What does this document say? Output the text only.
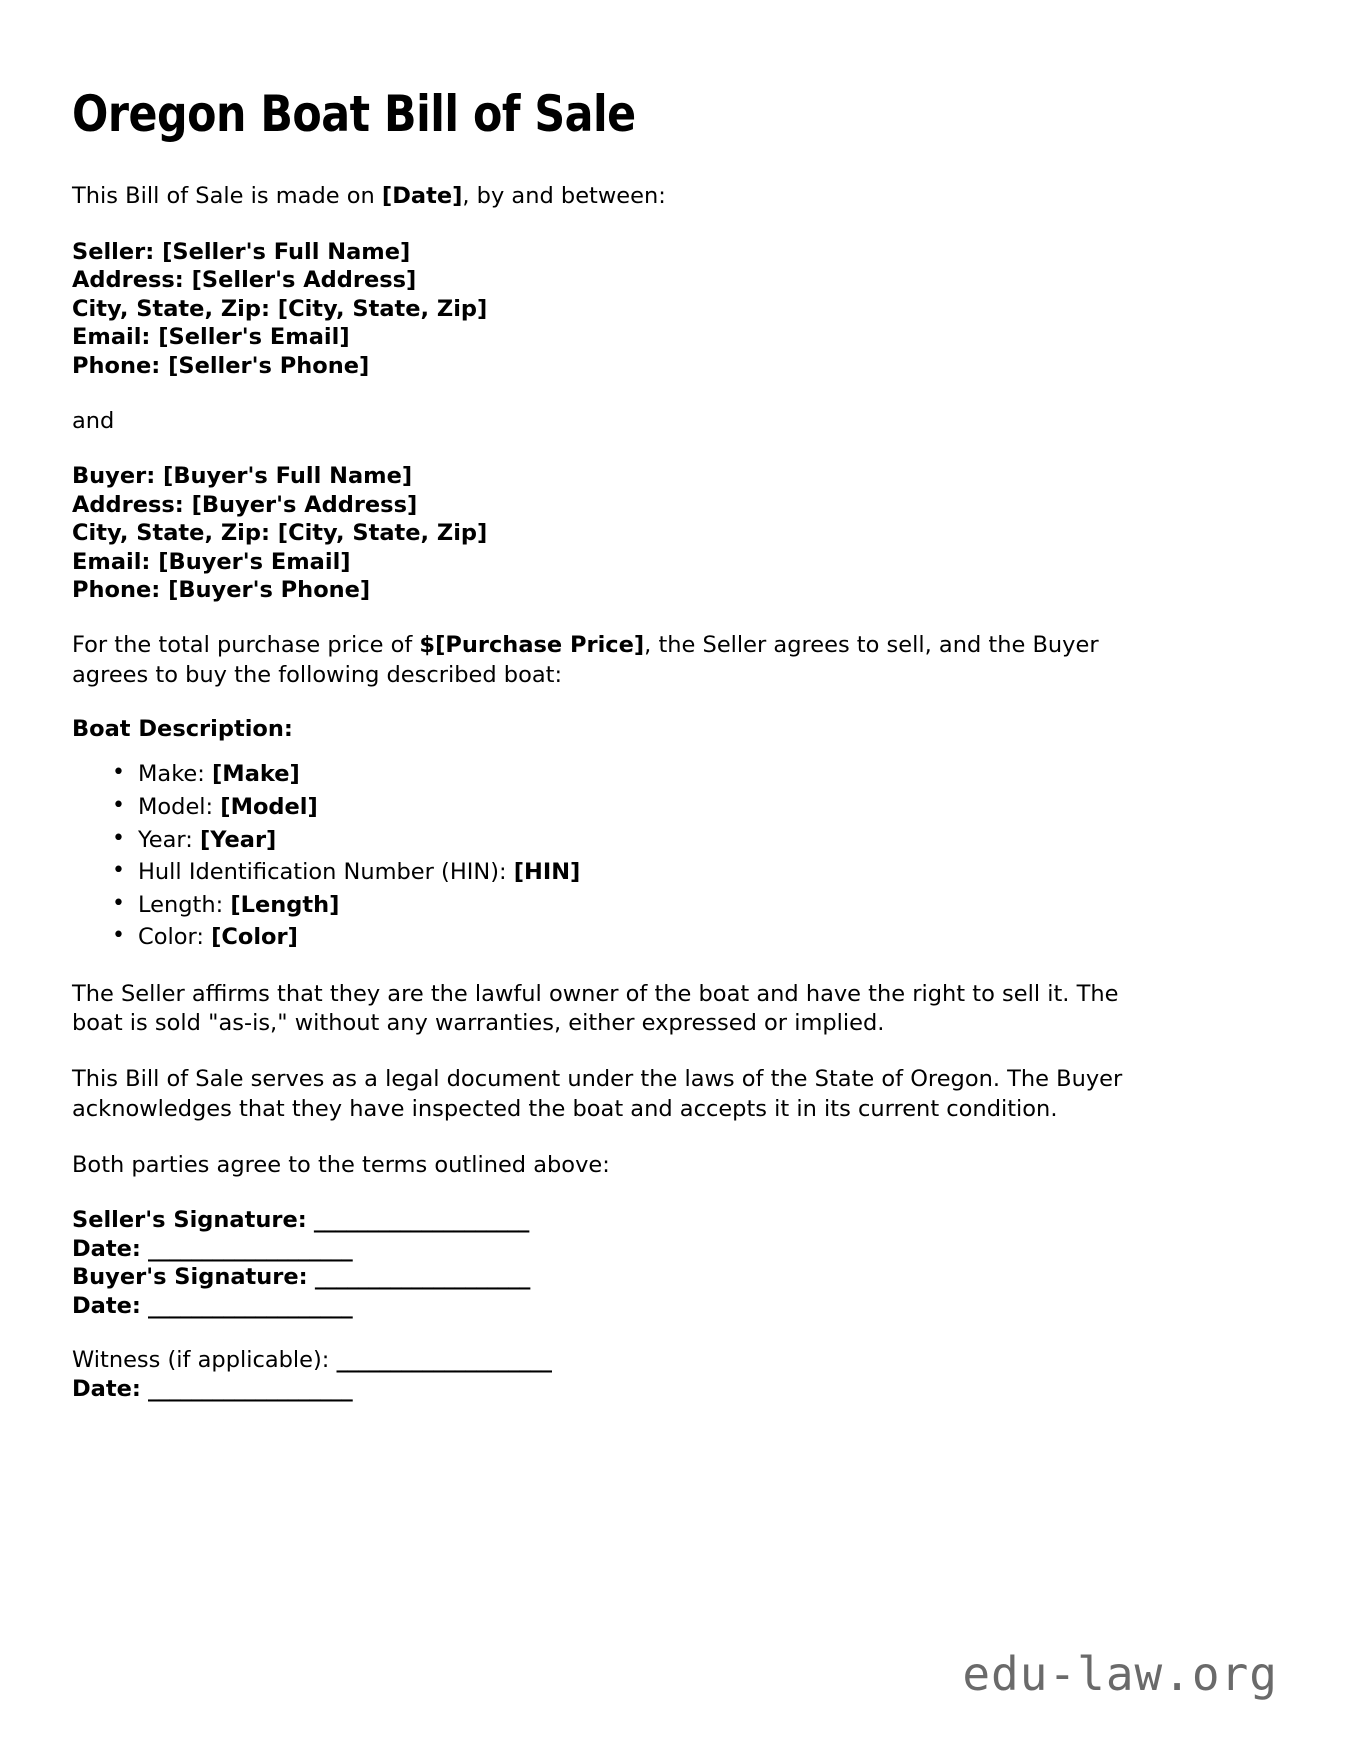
Oregon Boat Bill of Sale

This Bill of Sale is made on [Date], by and between:

Seller: [Seller's Full Name]
Address: [Seller's Address]
City, State, Zip: [City, State, Zip]
Email: [Seller's Email]
Phone: [Seller's Phone]

and

Buyer: [Buyer's Full Name]
Address: [Buyer's Address]
City, State, Zip: [City, State, Zip]
Email: [Buyer's Email]
Phone: [Buyer's Phone]

For the total purchase price of $[Purchase Price], the Seller agrees to sell, and the Buyer agrees to buy the following described boat:

Boat Description:
• Make: [Make]
• Model: [Model]
• Year: [Year]
• Hull Identification Number (HIN): [HIN]
• Length: [Length]
• Color: [Color]

The Seller affirms that they are the lawful owner of the boat and have the right to sell it. The boat is sold "as-is," without any warranties, either expressed or implied.

This Bill of Sale serves as a legal document under the laws of the State of Oregon. The Buyer acknowledges that they have inspected the boat and accepts it in its current condition.

Both parties agree to the terms outlined above:

Seller's Signature: ____________________
Date: ___________________
Buyer's Signature: ____________________
Date: ___________________
Witness (if applicable): ____________________
Date: ___________________
edu-law.org
